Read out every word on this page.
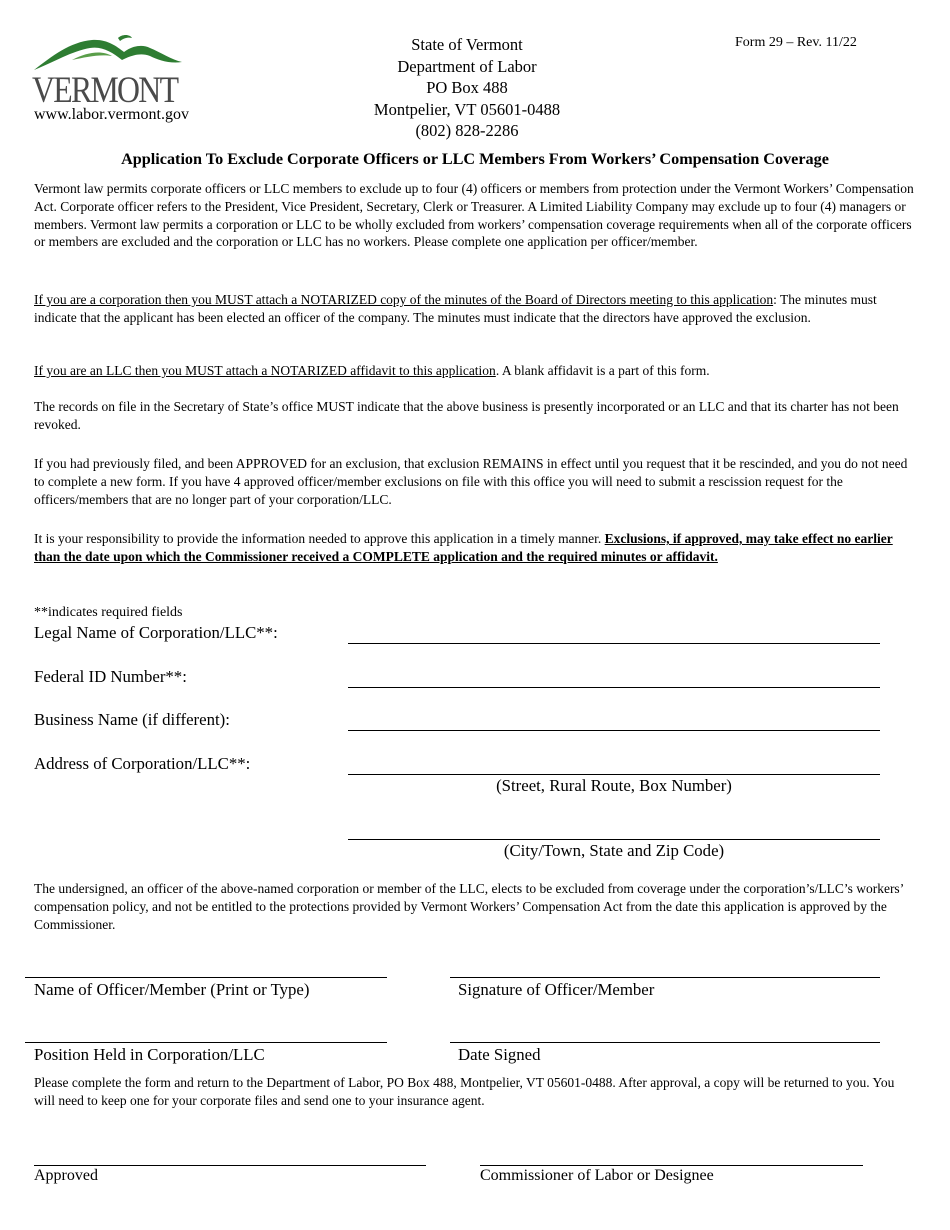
VERMONT
www.labor.vermont.gov
State of Vermont
Department of Labor
PO Box 488
Montpelier, VT 05601-0488
(802) 828-2286
Form 29 – Rev. 11/22
Application To Exclude Corporate Officers or LLC Members From Workers’ Compensation Coverage
Vermont law permits corporate officers or LLC members to exclude up to four (4) officers or members from protection under the Vermont Workers’ Compensation Act. Corporate officer refers to the President, Vice President, Secretary, Clerk or Treasurer. A Limited Liability Company may exclude up to four (4) managers or members. Vermont law permits a corporation or LLC to be wholly excluded from workers’ compensation coverage requirements when all of the corporate officers or members are excluded and the corporation or LLC has no workers. Please complete one application per officer/member.
If you are a corporation then you MUST attach a NOTARIZED copy of the minutes of the Board of Directors meeting to this application: The minutes must indicate that the applicant has been elected an officer of the company. The minutes must indicate that the directors have approved the exclusion.
If you are an LLC then you MUST attach a NOTARIZED affidavit to this application. A blank affidavit is a part of this form.
The records on file in the Secretary of State’s office MUST indicate that the above business is presently incorporated or an LLC and that its charter has not been revoked.
If you had previously filed, and been APPROVED for an exclusion, that exclusion REMAINS in effect until you request that it be rescinded, and you do not need to complete a new form. If you have 4 approved officer/member exclusions on file with this office you will need to submit a rescission request for the officers/members that are no longer part of your corporation/LLC.
It is your responsibility to provide the information needed to approve this application in a timely manner. Exclusions, if approved, may take effect no earlier than the date upon which the Commissioner received a COMPLETE application and the required minutes or affidavit.
**indicates required fields
Legal Name of Corporation/LLC**:
Federal ID Number**:
Business Name (if different):
Address of Corporation/LLC**:
(Street, Rural Route, Box Number)
(City/Town, State and Zip Code)
The undersigned, an officer of the above-named corporation or member of the LLC, elects to be excluded from coverage under the corporation’s/LLC’s workers’ compensation policy, and not be entitled to the protections provided by Vermont Workers’ Compensation Act from the date this application is approved by the Commissioner.
Name of Officer/Member (Print or Type)	Signature of Officer/Member
Position Held in Corporation/LLC	Date Signed
Please complete the form and return to the Department of Labor, PO Box 488, Montpelier, VT 05601-0488. After approval, a copy will be returned to you. You will need to keep one for your corporate files and send one to your insurance agent.
Approved	Commissioner of Labor or Designee
